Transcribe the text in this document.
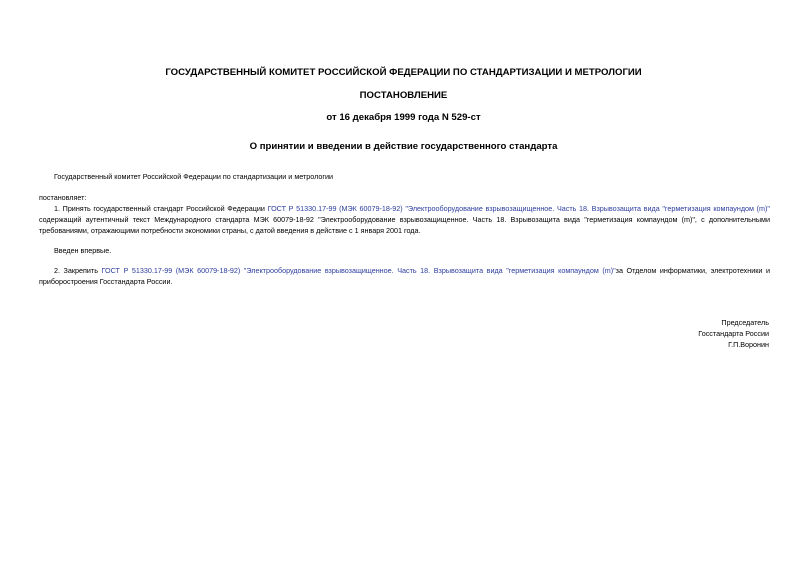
ГОСУДАРСТВЕННЫЙ КОМИТЕТ РОССИЙСКОЙ ФЕДЕРАЦИИ ПО СТАНДАРТИЗАЦИИ И МЕТРОЛОГИИ
ПОСТАНОВЛЕНИЕ
от 16 декабря 1999 года N 529-ст
О принятии и введении в действие государственного стандарта
Государственный комитет Российской Федерации по стандартизации и метрологии
постановляет:
1. Принять государственный стандарт Российской Федерации ГОСТ Р 51330.17-99 (МЭК 60079-18-92) "Электрооборудование взрывозащищенное. Часть 18. Взрывозащита вида "герметизация компаундом (m)" содержащий аутентичный текст Международного стандарта МЭК 60079-18-92 "Электрооборудование взрывозащищенное. Часть 18. Взрывозащита вида "герметизация компаундом (m)", с дополнительными требованиями, отражающими потребности экономики страны, с датой введения в действие с 1 января 2001 года.
Введен впервые.
2. Закрепить ГОСТ Р 51330.17-99 (МЭК 60079-18-92) "Электрооборудование взрывозащищенное. Часть 18. Взрывозащита вида "герметизация компаундом (m)"за Отделом информатики, электротехники и приборостроения Госстандарта России.
Председатель
Госстандарта России
Г.П.Воронин
